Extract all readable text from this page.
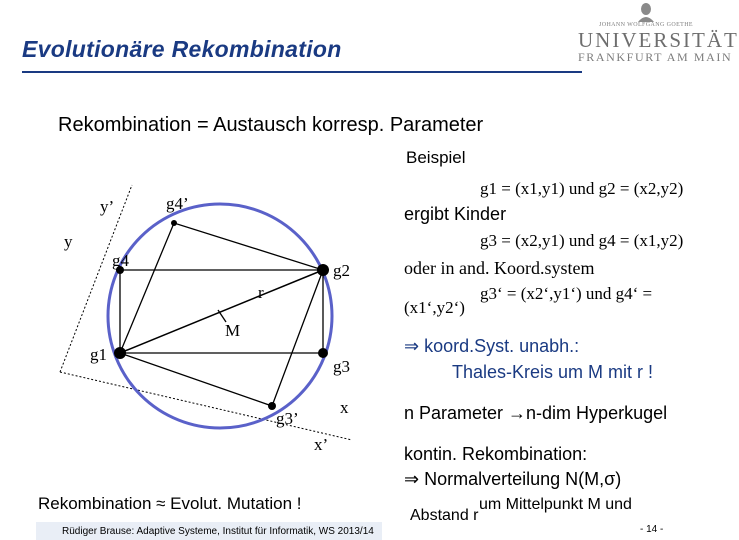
Evolutionäre Rekombination
JOHANN WOLFGANG GOETHE
UNIVERSITÄT
FRANKFURT AM MAIN
Rekombination = Austausch korresp. Parameter
y’
y
g4’
g4
g2
r
M
g1
g3
g3’
x
x’
Beispiel
g1 = (x1,y1) und g2 = (x2,y2)
ergibt Kinder
g3 = (x2,y1) und g4 = (x1,y2)
oder in and. Koord.system
g3‘ = (x2‘,y1‘) und g4‘ =
(x1‘,y2‘)
⇒ koord.Syst. unabh.:
Thales-Kreis um M mit r !
n Parameter →n-dim Hyperkugel
kontin. Rekombination:
⇒ Normalverteilung N(M,σ)
um Mittelpunkt M und
Abstand r
Rekombination ≈ Evolut. Mutation !
Rüdiger Brause: Adaptive Systeme, Institut für Informatik, WS 2013/14	- 14 -
